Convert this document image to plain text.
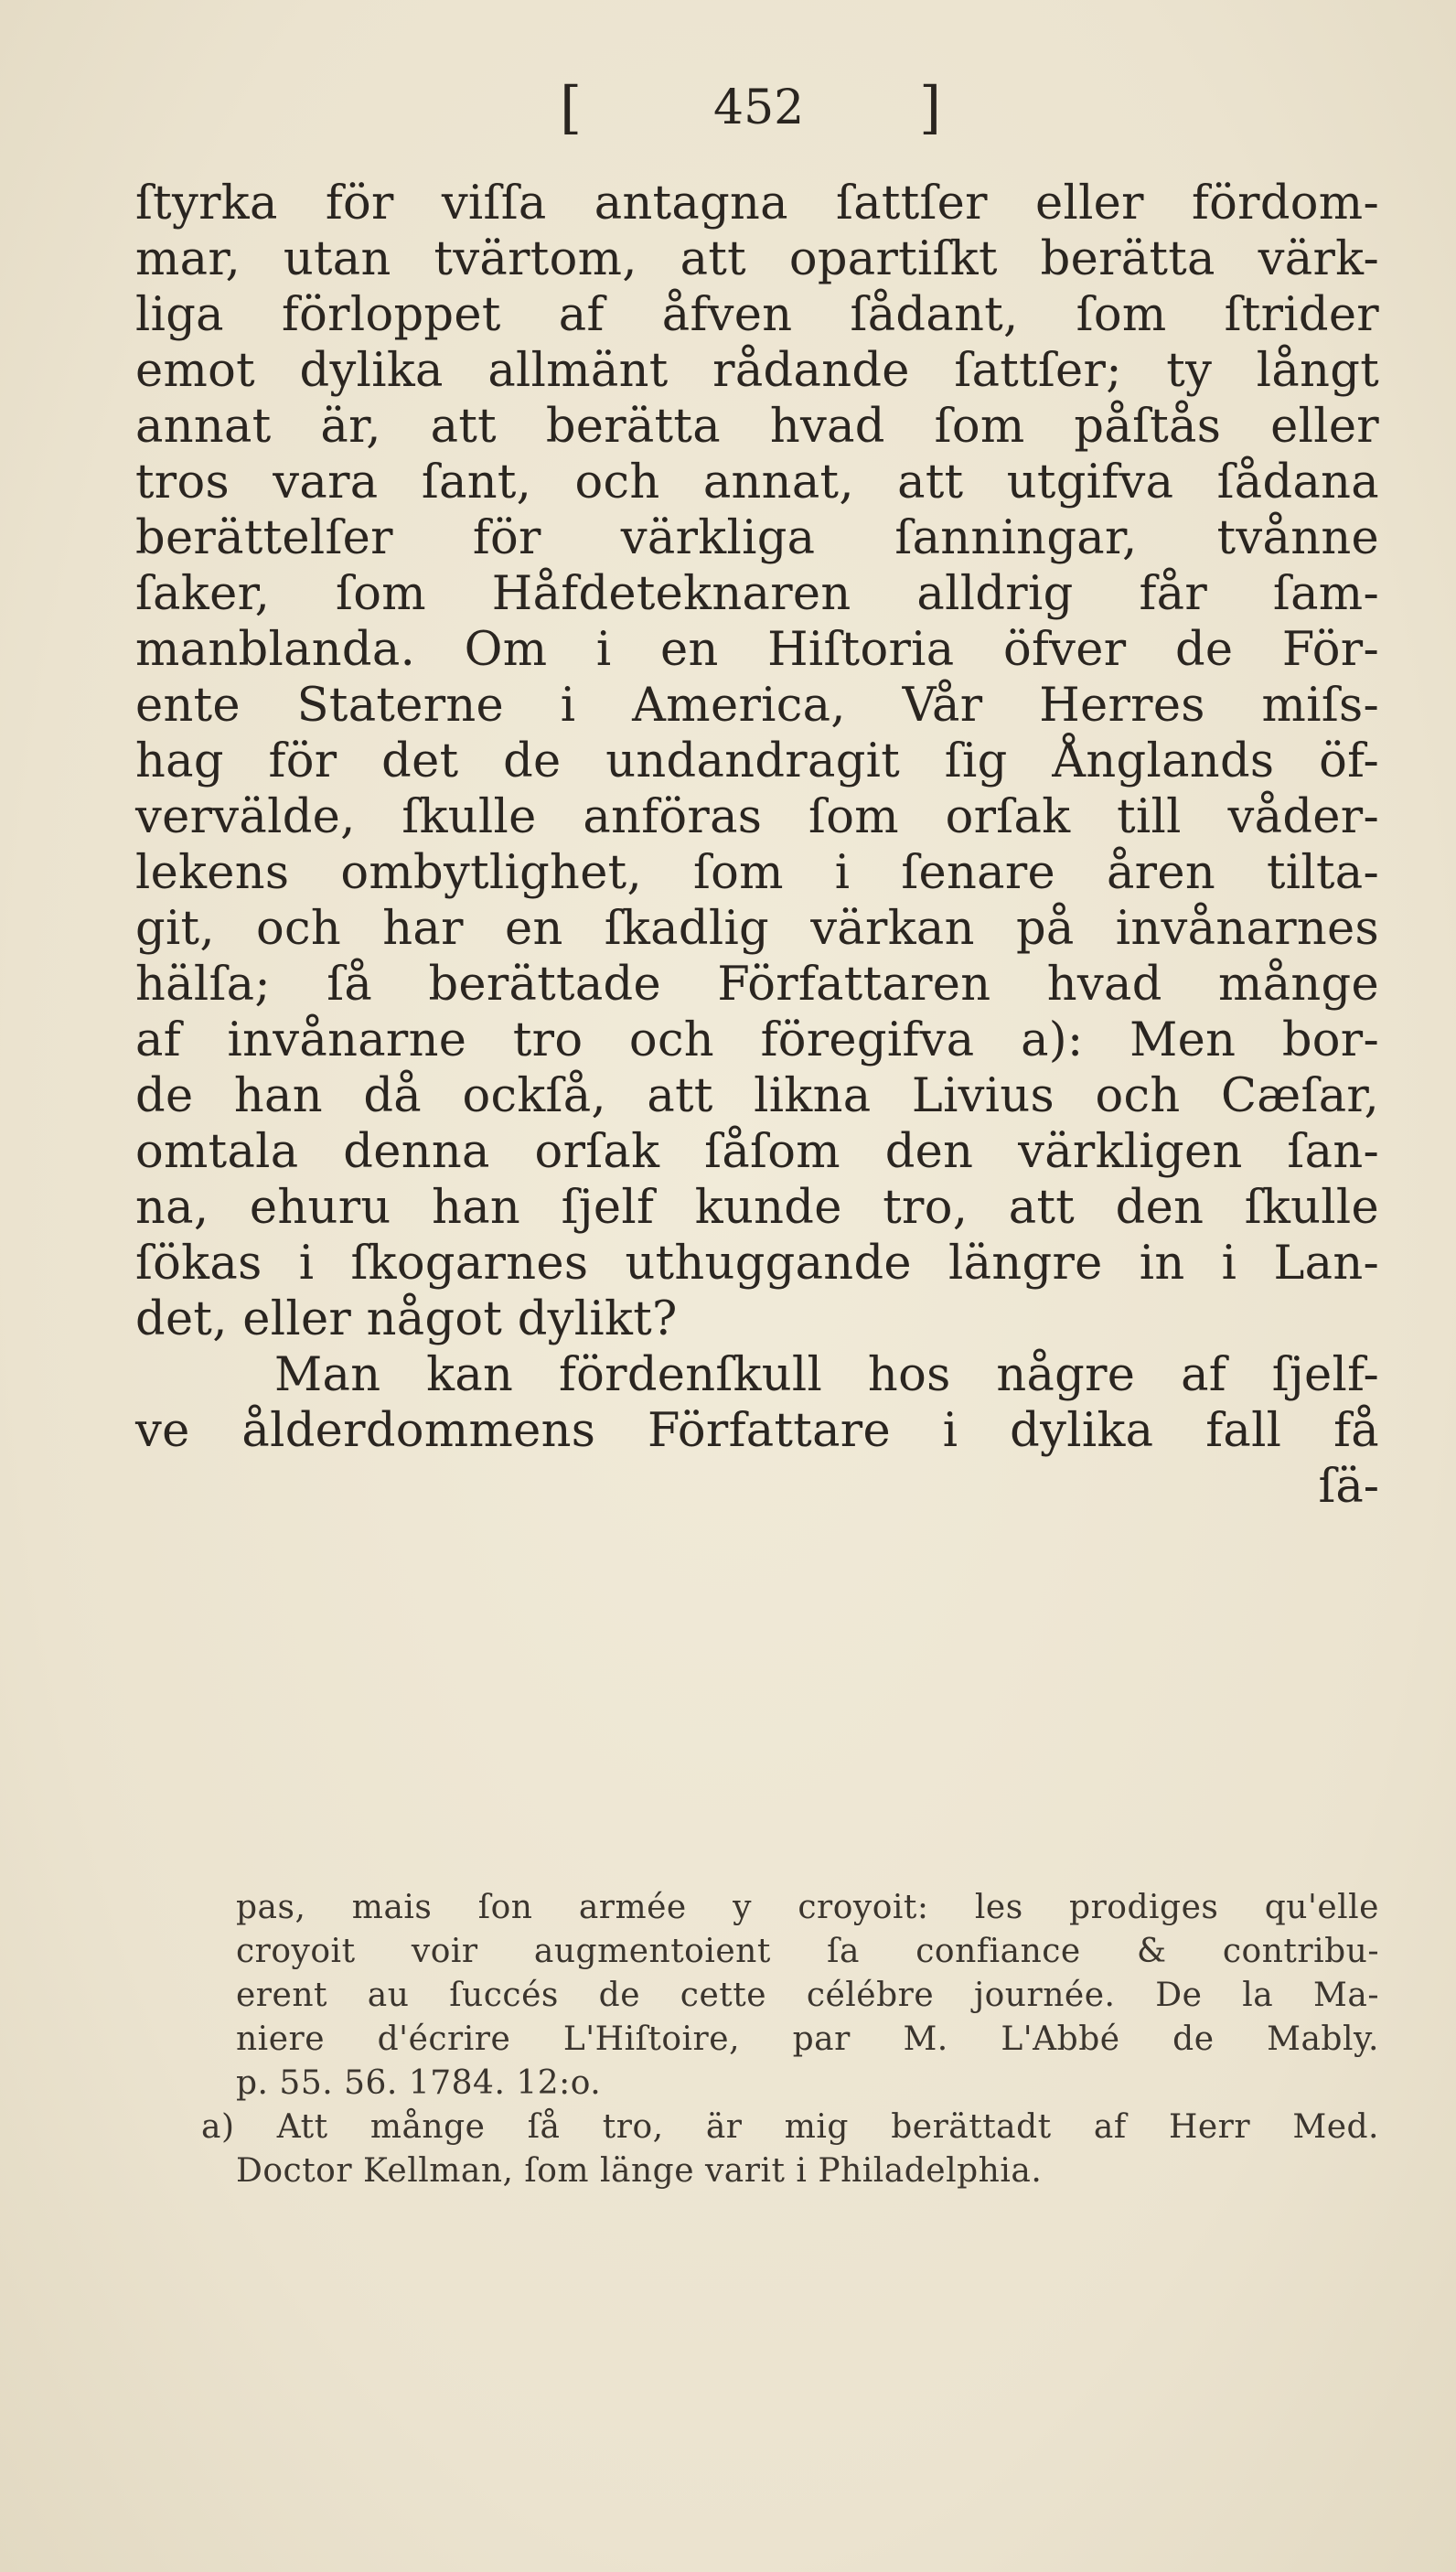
[	452 ]
ſtyrka för viſſa antagna ſattſer eller fördom-
mar, utan tvärtom, att opartiſkt berätta värk-
liga förloppet af åfven ſådant, ſom ſtrider
emot dylika allmänt rådande ſattſer; ty långt
annat är, att berätta hvad ſom påſtås eller
tros vara ſant, och annat, att utgifva ſådana
berättelſer för värkliga ſanningar, tvånne
ſaker, ſom Håfdeteknaren alldrig får ſam-
manblanda. Om i en Hiſtoria öfver de För-
ente Staterne i America, Vår Herres miſs-
hag för det de undandragit ſig Ånglands öf-
vervälde, ſkulle anföras ſom orſak till våder-
lekens ombytlighet, ſom i ſenare åren tilta-
git, och har en ſkadlig värkan på invånarnes
hälſa; ſå berättade Författaren hvad månge
af invånarne tro och föregifva a): Men bor-
de han då ockſå, att likna Livius och Cæſar,
omtala denna orſak ſåſom den värkligen ſan-
na, ehuru han ſjelf kunde tro, att den ſkulle
ſökas i ſkogarnes uthuggande längre in i Lan-
det, eller något dylikt?
Man kan fördenſkull hos någre af ſjelf-
ve ålderdommens Författare i dylika fall få
ſä-
pas, mais ſon armée y croyoit: les prodiges qu'elle
croyoit voir augmentoient ſa confiance & contribu-
erent au ſuccés de cette célébre journée. De la Ma-
niere d'écrire L'Hiſtoire, par M. L'Abbé de Mably.
p. 55. 56. 1784. 12:o.
a) Att månge ſå tro, är mig berättadt af Herr Med.
Doctor Kellman, ſom länge varit i Philadelphia.
